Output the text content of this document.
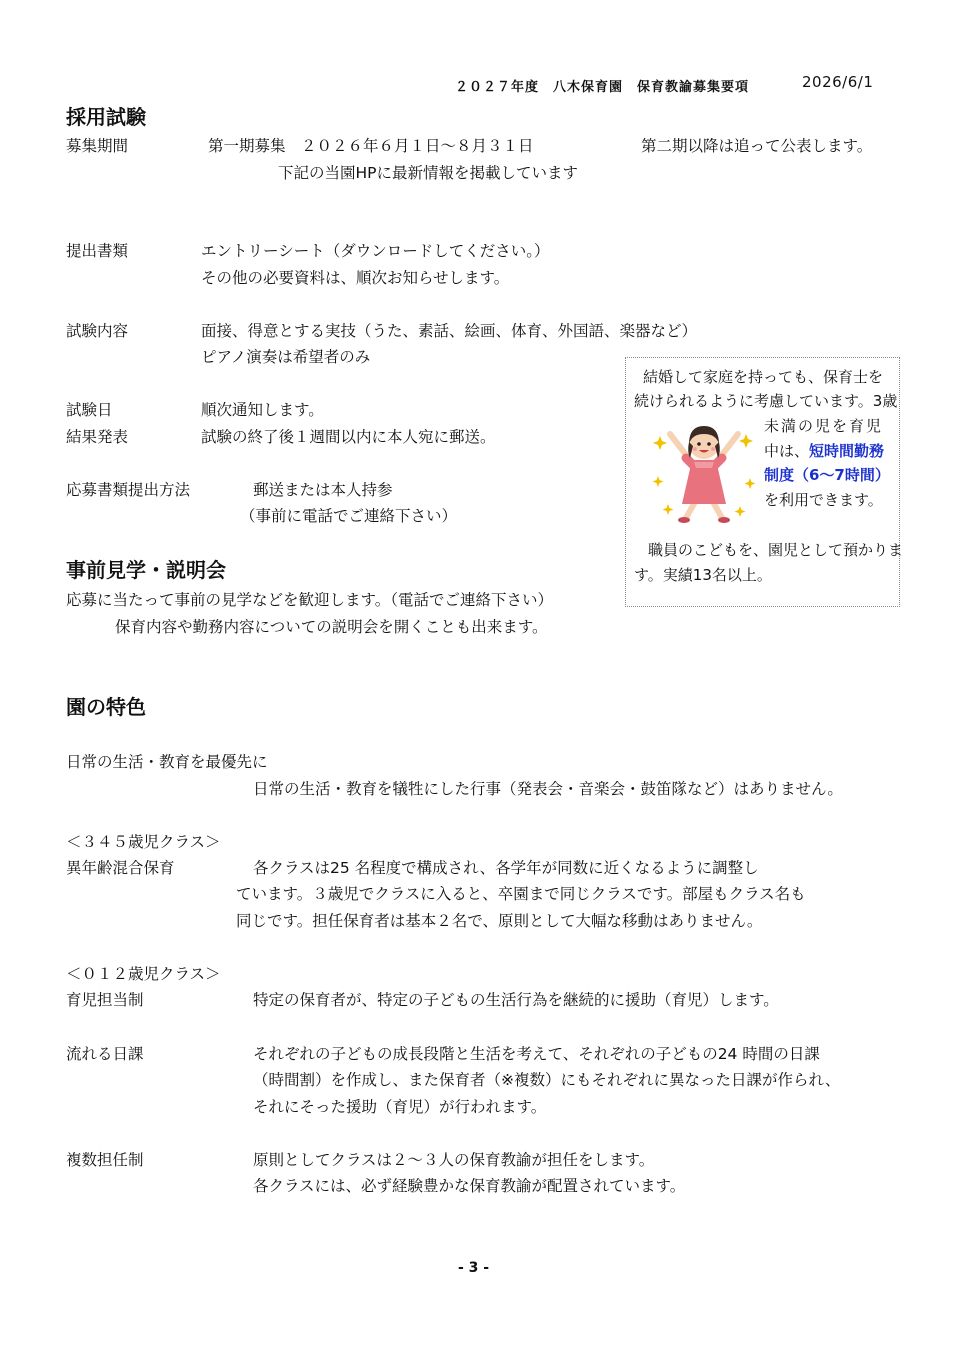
２０２７年度　八木保育園　保育教諭募集要項	2026/6/1
採用試験
募集期間	第一期募集　２０２６年６月１日～８月３１日	第二期以降は追って公表します。
下記の当園HPに最新情報を掲載しています
提出書類	エントリーシート（ダウンロードしてください。）
その他の必要資料は、順次お知らせします。
試験内容	面接、得意とする実技（うた、素話、絵画、体育、外国語、楽器など）
ピアノ演奏は希望者のみ
試験日	順次通知します。
結果発表	試験の終了後１週間以内に本人宛に郵送。
応募書類提出方法	郵送または本人持参
（事前に電話でご連絡下さい）
事前見学・説明会
応募に当たって事前の見学などを歓迎します。（電話でご連絡下さい）
保育内容や勤務内容についての説明会を開くことも出来ます。
結婚して家庭を持っても、保育士を
続けられるように考慮しています。3歳
未満の児を育児
中は、短時間勤務
制度（6～7時間）
を利用できます。
職員のこどもを、園児として預かりま
す。実績13名以上。
園の特色
日常の生活・教育を最優先に
日常の生活・教育を犠牲にした行事（発表会・音楽会・鼓笛隊など）はありません。
＜３４５歳児クラス＞
異年齢混合保育	各クラスは25 名程度で構成され、各学年が同数に近くなるように調整し
ています。３歳児でクラスに入ると、卒園まで同じクラスです。部屋もクラス名も
同じです。担任保育者は基本２名で、原則として大幅な移動はありません。
＜０１２歳児クラス＞
育児担当制	特定の保育者が、特定の子どもの生活行為を継続的に援助（育児）します。
流れる日課	それぞれの子どもの成長段階と生活を考えて、それぞれの子どもの24 時間の日課
（時間割）を作成し、また保育者（※複数）にもそれぞれに異なった日課が作られ、
それにそった援助（育児）が行われます。
複数担任制	原則としてクラスは２～３人の保育教諭が担任をします。
各クラスには、必ず経験豊かな保育教諭が配置されています。
- 3 -
